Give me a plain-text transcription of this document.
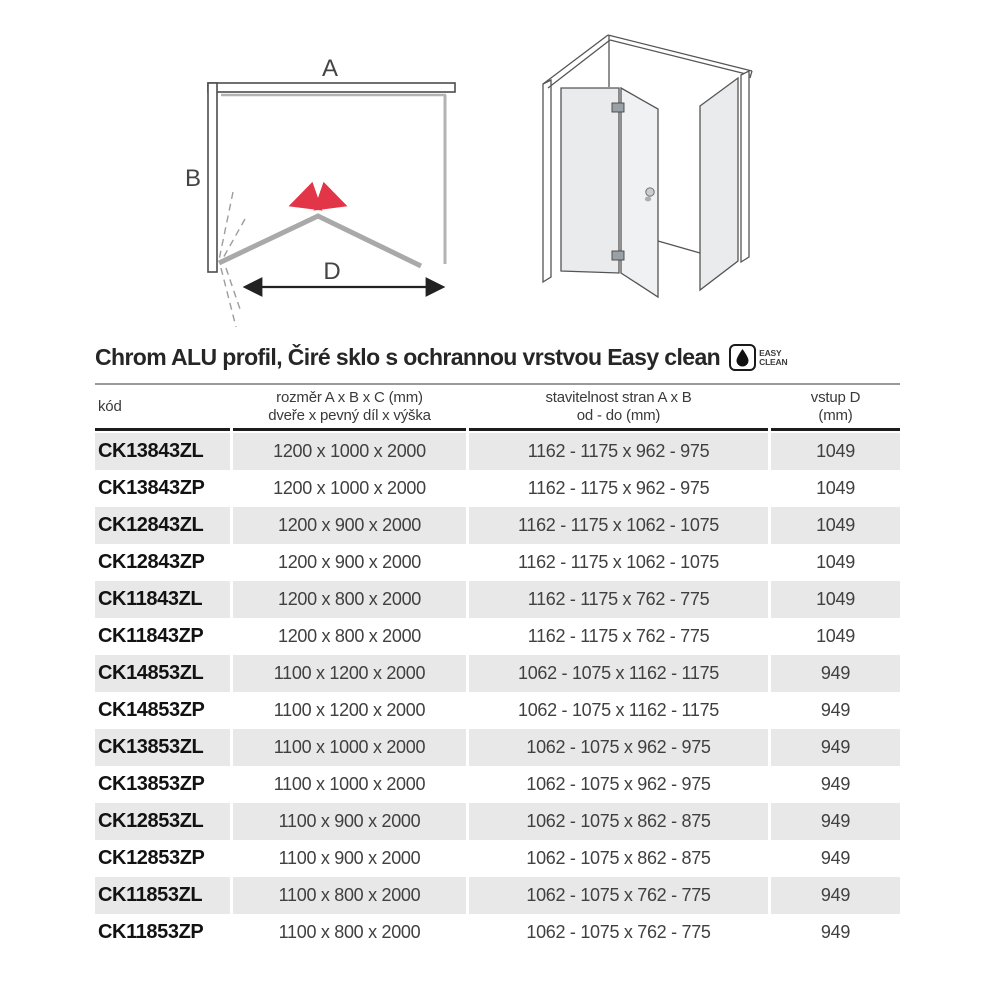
A
B
D
Chrom ALU profil, Čiré sklo s ochrannou vrstvou Easy clean	EASY
CLEAN
kód
rozměr A x B x C (mm)
dveře x pevný díl x výška
stavitelnost stran A x B
od - do (mm)
vstup D
(mm)
CK13843ZL	1200 x 1000 x 2000	1162 - 1175 x 962 - 975	1049
CK13843ZP	1200 x 1000 x 2000	1162 - 1175 x 962 - 975	1049
CK12843ZL	1200 x 900 x 2000	1162 - 1175 x 1062 - 1075	1049
CK12843ZP	1200 x 900 x 2000	1162 - 1175 x 1062 - 1075	1049
CK11843ZL	1200 x 800 x 2000	1162 - 1175 x 762 - 775	1049
CK11843ZP	1200 x 800 x 2000	1162 - 1175 x 762 - 775	1049
CK14853ZL	1100 x 1200 x 2000	1062 - 1075 x 1162 - 1175	949
CK14853ZP	1100 x 1200 x 2000	1062 - 1075 x 1162 - 1175	949
CK13853ZL	1100 x 1000 x 2000	1062 - 1075 x 962 - 975	949
CK13853ZP	1100 x 1000 x 2000	1062 - 1075 x 962 - 975	949
CK12853ZL	1100 x 900 x 2000	1062 - 1075 x 862 - 875	949
CK12853ZP	1100 x 900 x 2000	1062 - 1075 x 862 - 875	949
CK11853ZL	1100 x 800 x 2000	1062 - 1075 x 762 - 775	949
CK11853ZP	1100 x 800 x 2000	1062 - 1075 x 762 - 775	949
